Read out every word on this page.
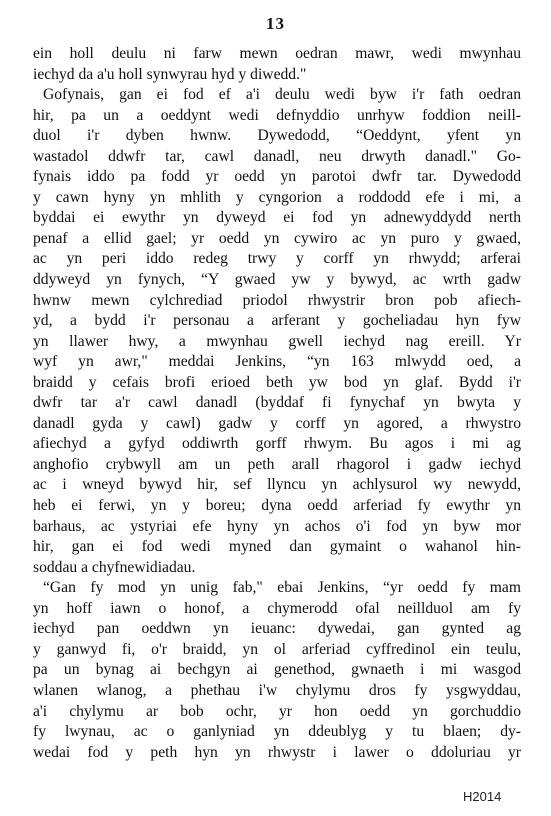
13
ein holl deulu ni farw mewn oedran mawr, wedi mwynhau
iechyd da a'u holl synwyrau hyd y diwedd."
Gofynais, gan ei fod ef a'i deulu wedi byw i'r fath oedran
hir, pa un a oeddynt wedi defnyddio unrhyw foddion neill-
duol i'r dyben hwnw. Dywedodd, “Oeddynt, yfent yn
wastadol ddwfr tar, cawl danadl, neu drwyth danadl." Go-
fynais iddo pa fodd yr oedd yn parotoi dwfr tar. Dywedodd
y cawn hyny yn mhlith y cyngorion a roddodd efe i mi, a
byddai ei ewythr yn dyweyd ei fod yn adnewyddydd nerth
penaf a ellid gael; yr oedd yn cywiro ac yn puro y gwaed,
ac yn peri iddo redeg trwy y corff yn rhwydd; arferai
ddyweyd yn fynych, “Y gwaed yw y bywyd, ac wrth gadw
hwnw mewn cylchrediad priodol rhwystrir bron pob afiech-
yd, a bydd i'r personau a arferant y gocheliadau hyn fyw
yn llawer hwy, a mwynhau gwell iechyd nag ereill. Yr
wyf yn awr," meddai Jenkins, “yn 163 mlwydd oed, a
braidd y cefais brofi erioed beth yw bod yn glaf. Bydd i'r
dwfr tar a'r cawl danadl (byddaf fi fynychaf yn bwyta y
danadl gyda y cawl) gadw y corff yn agored, a rhwystro
afiechyd a gyfyd oddiwrth gorff rhwym. Bu agos i mi ag
anghofio crybwyll am un peth arall rhagorol i gadw iechyd
ac i wneyd bywyd hir, sef llyncu yn achlysurol wy newydd,
heb ei ferwi, yn y boreu; dyna oedd arferiad fy ewythr yn
barhaus, ac ystyriai efe hyny yn achos o'i fod yn byw mor
hir, gan ei fod wedi myned dan gymaint o wahanol hin-
soddau a chyfnewidiadau.
“Gan fy mod yn unig fab," ebai Jenkins, “yr oedd fy mam
yn hoff iawn o honof, a chymerodd ofal neillduol am fy
iechyd pan oeddwn yn ieuanc: dywedai, gan gynted ag
y ganwyd fi, o'r braidd, yn ol arferiad cyffredinol ein teulu,
pa un bynag ai bechgyn ai genethod, gwnaeth i mi wasgod
wlanen wlanog, a phethau i'w chylymu dros fy ysgwyddau,
a'i chylymu ar bob ochr, yr hon oedd yn gorchuddio
fy lwynau, ac o ganlyniad yn ddeublyg y tu blaen; dy-
wedai fod y peth hyn yn rhwystr i lawer o ddoluriau yr
H2014
